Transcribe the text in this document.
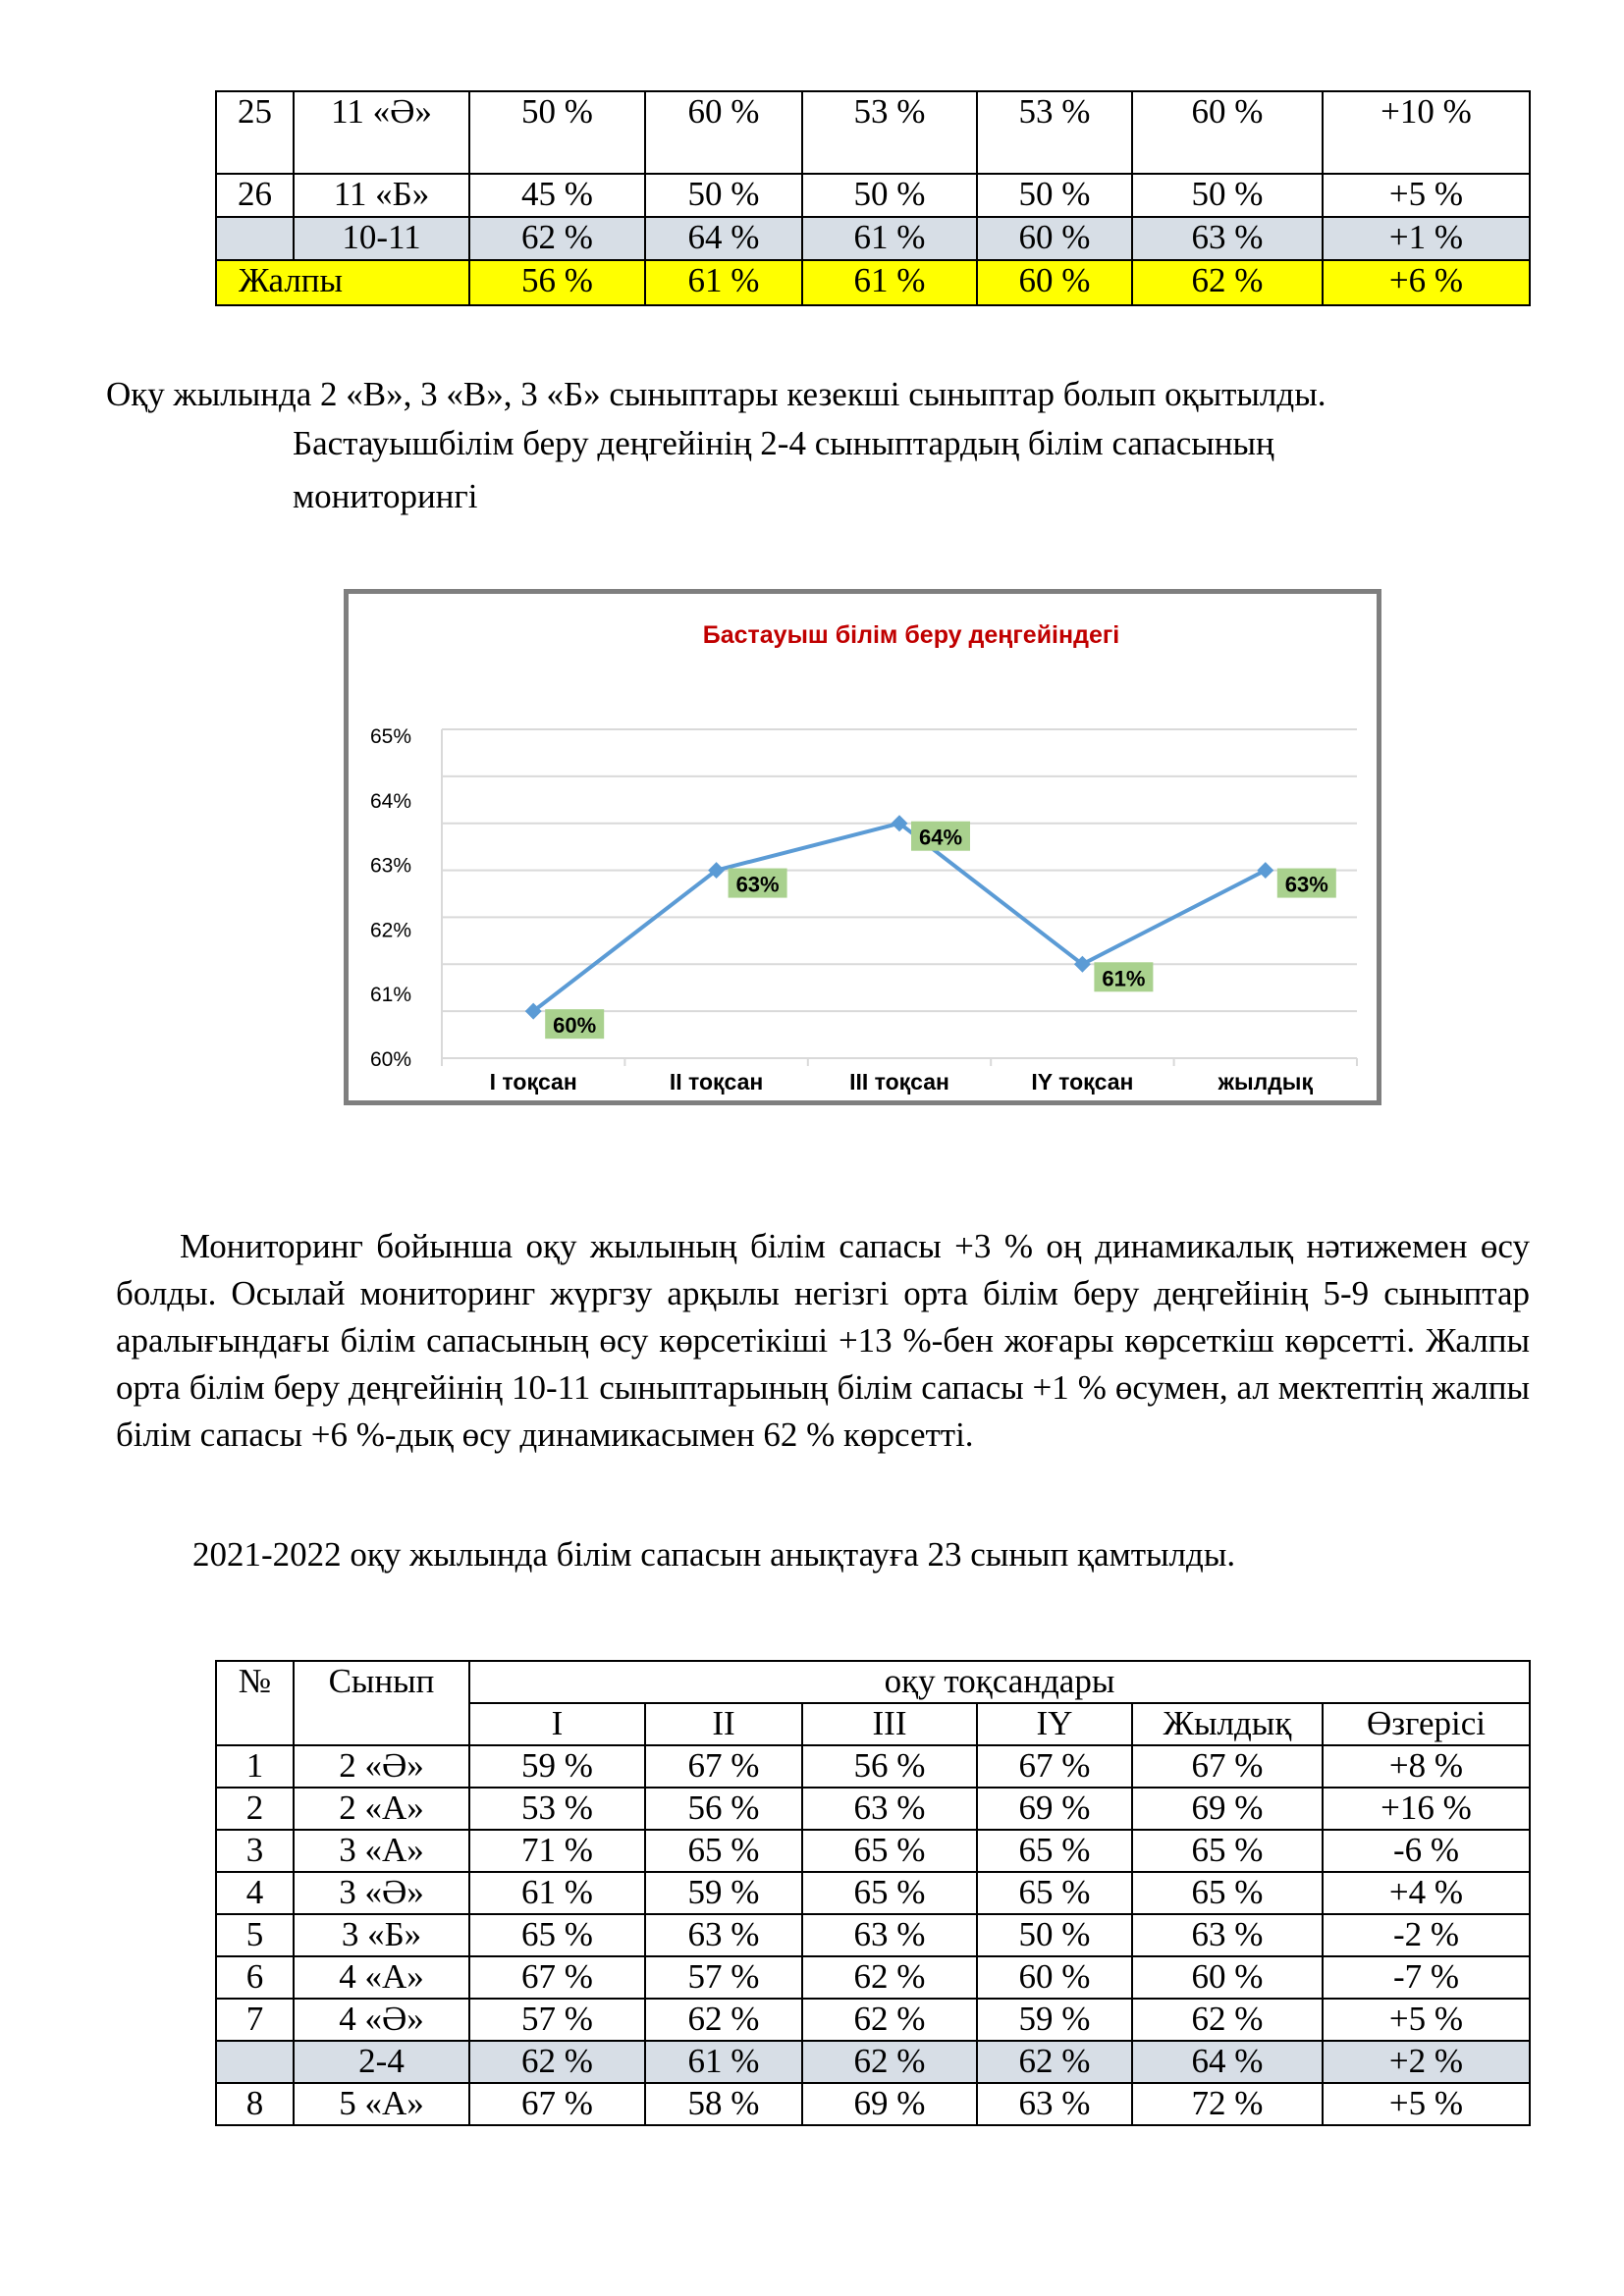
25	11 «Ә»	50 %	60 %	53 %	53 %	60 %	+10 %
26	11 «Б»	45 %	50 %	50 %	50 %	50 %	+5 %
	10-11	62 %	64 %	61 %	60 %	63 %	+1 %
Жалпы		56 %	61 %	61 %	60 %	62 %	+6 %
Оқу жылында 2 «В», 3 «В», 3 «Б» сыныптары кезекші сыныптар болып оқытылды.
Бастауышбілім беру деңгейінің 2-4 сыныптардың білім сапасының
мониторингі
Бастауыш білім беру деңгейіндегі
60%
61%
62%
63%
64%
65%
I тоқсан	II тоқсан	III тоқсан	IY тоқсан	жылдық
60%
63%
64%
61%
63%
Мониторинг бойынша оқу жылының білім сапасы +3 % оң динамикалық нәтижемен өсу болды. Осылай мониторинг жүргзу арқылы негізгі орта білім беру деңгейінің 5-9 сыныптар аралығындағы білім сапасының өсу көрсетікіші +13 %-бен жоғары көрсеткіш көрсетті. Жалпы орта білім беру деңгейінің 10-11 сыныптарының білім сапасы +1 % өсумен, ал мектептің жалпы білім сапасы +6 %-дық өсу динамикасымен 62 % көрсетті.
2021-2022 оқу жылында білім сапасын анықтауға 23 сынып қамтылды.
№	Сынып	оқу тоқсандары					
		I	II	III	IY	Жылдық	Өзгерісі
1	2 «Ә»	59 %	67 %	56 %	67 %	67 %	+8 %
2	2 «А»	53 %	56 %	63 %	69 %	69 %	+16 %
3	3 «А»	71 %	65 %	65 %	65 %	65 %	-6 %
4	3 «Ә»	61 %	59 %	65 %	65 %	65 %	+4 %
5	3 «Б»	65 %	63 %	63 %	50 %	63 %	-2 %
6	4 «А»	67 %	57 %	62 %	60 %	60 %	-7 %
7	4 «Ә»	57 %	62 %	62 %	59 %	62 %	+5 %
	2-4	62 %	61 %	62 %	62 %	64 %	+2 %
8	5 «А»	67 %	58 %	69 %	63 %	72 %	+5 %
